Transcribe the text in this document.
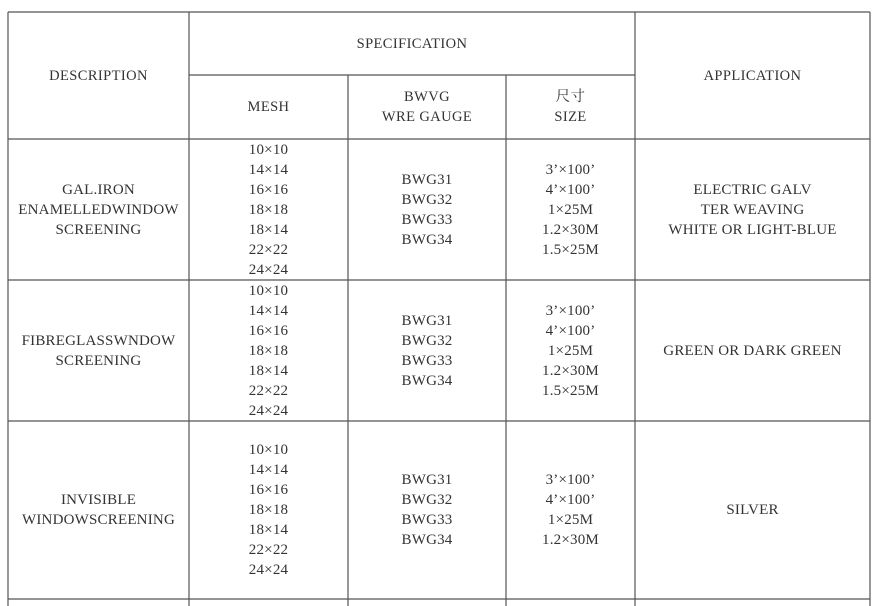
DESCRIPTION
SPECIFICATION
APPLICATION
MESH
BWVG
WRE GAUGE
尺寸
SIZE
GAL.IRON
ENAMELLEDWINDOW
SCREENING
10×10
14×14
16×16
18×18
18×14
22×22
24×24
BWG31
BWG32
BWG33
BWG34
3’×100’
4’×100’
1×25M
1.2×30M
1.5×25M
ELECTRIC GALV
TER WEAVING
WHITE OR LIGHT-BLUE
FIBREGLASSWNDOW
SCREENING
10×10
14×14
16×16
18×18
18×14
22×22
24×24
BWG31
BWG32
BWG33
BWG34
3’×100’
4’×100’
1×25M
1.2×30M
1.5×25M
GREEN OR DARK GREEN
INVISIBLE
WINDOWSCREENING
10×10
14×14
16×16
18×18
18×14
22×22
24×24
BWG31
BWG32
BWG33
BWG34
3’×100’
4’×100’
1×25M
1.2×30M
SILVER
